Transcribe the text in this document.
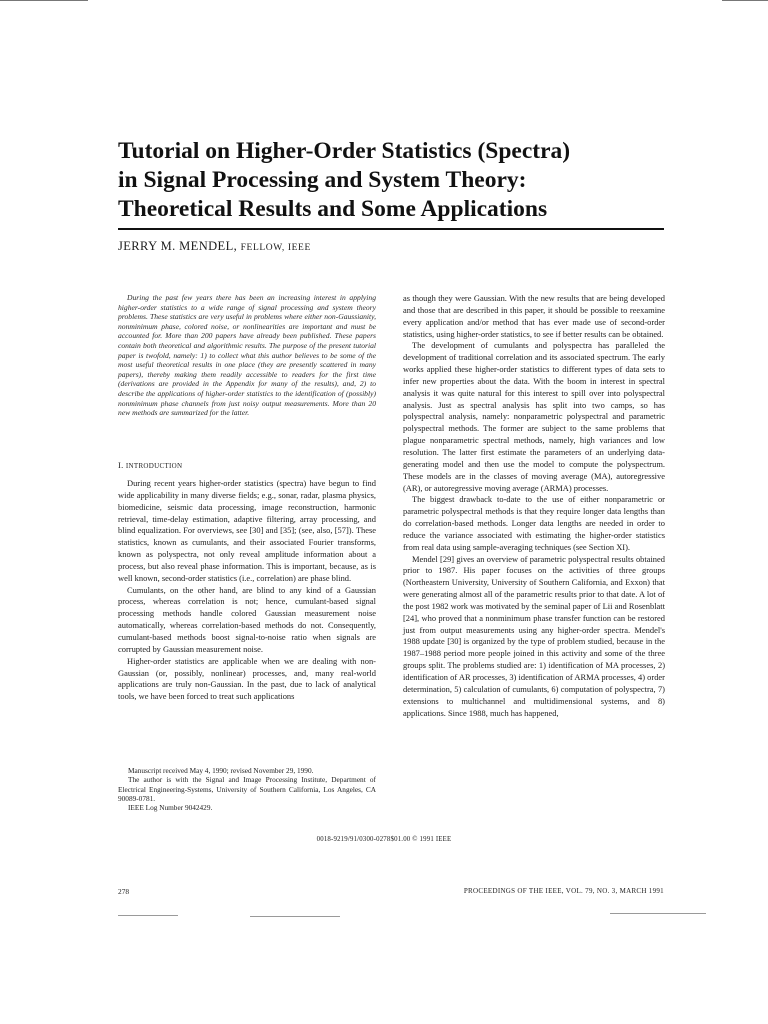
Tutorial on Higher-Order Statistics (Spectra)
in Signal Processing and System Theory:
Theoretical Results and Some Applications
JERRY M. MENDEL, FELLOW, IEEE

During the past few years there has been an increasing interest in applying higher-order statistics to a wide range of signal processing and system theory problems. These statistics are very useful in problems where either non-Gaussianity, nonminimum phase, colored noise, or nonlinearities are important and must be accounted for. More than 200 papers have already been published. These papers contain both theoretical and algorithmic results. The purpose of the present tutorial paper is twofold, namely: 1) to collect what this author believes to be some of the most useful theoretical results in one place (they are presently scattered in many papers), thereby making them readily accessible to readers for the first time (derivations are provided in the Appendix for many of the results), and, 2) to describe the applications of higher-order statistics to the identification of (possibly) nonminimum phase channels from just noisy output measurements. More than 20 new methods are summarized for the latter.

I. INTRODUCTION

During recent years higher-order statistics (spectra) have begun to find wide applicability in many diverse fields; e.g., sonar, radar, plasma physics, biomedicine, seismic data processing, image reconstruction, harmonic retrieval, time-delay estimation, adaptive filtering, array processing, and blind equalization. For overviews, see [30] and [35]; (see, also, [57]). These statistics, known as cumulants, and their associated Fourier transforms, known as polyspectra, not only reveal amplitude information about a process, but also reveal phase information. This is important, because, as is well known, second-order statistics (i.e., correlation) are phase blind.

Cumulants, on the other hand, are blind to any kind of a Gaussian process, whereas correlation is not; hence, cumulant-based signal processing methods handle colored Gaussian measurement noise automatically, whereas correlation-based methods do not. Consequently, cumulant-based methods boost signal-to-noise ratio when signals are corrupted by Gaussian measurement noise.

Higher-order statistics are applicable when we are dealing with non-Gaussian (or, possibly, nonlinear) processes, and, many real-world applications are truly non-Gaussian. In the past, due to lack of analytical tools, we have been forced to treat such applications

Manuscript received May 4, 1990; revised November 29, 1990.

The author is with the Signal and Image Processing Institute, Department of Electrical Engineering-Systems, University of Southern California, Los Angeles, CA 90089-0781.

IEEE Log Number 9042429.

as though they were Gaussian. With the new results that are being developed and those that are described in this paper, it should be possible to reexamine every application and/or method that has ever made use of second-order statistics, using higher-order statistics, to see if better results can be obtained.

The development of cumulants and polyspectra has paralleled the development of traditional correlation and its associated spectrum. The early works applied these higher-order statistics to different types of data sets to infer new properties about the data. With the boom in interest in spectral analysis it was quite natural for this interest to spill over into polyspectral analysis. Just as spectral analysis has split into two camps, so has polyspectral analysis, namely: nonparametric polyspectral and parametric polyspectral methods. The former are subject to the same problems that plague nonparametric spectral methods, namely, high variances and low resolution. The latter first estimate the parameters of an underlying data-generating model and then use the model to compute the polyspectrum. These models are in the classes of moving average (MA), autoregressive (AR), or autoregressive moving average (ARMA) processes.

The biggest drawback to-date to the use of either nonparametric or parametric polyspectral methods is that they require longer data lengths than do correlation-based methods. Longer data lengths are needed in order to reduce the variance associated with estimating the higher-order statistics from real data using sample-averaging techniques (see Section XI).

Mendel [29] gives an overview of parametric polyspectral results obtained prior to 1987. His paper focuses on the activities of three groups (Northeastern University, University of Southern California, and Exxon) that were generating almost all of the parametric results prior to that date. A lot of the post 1982 work was motivated by the seminal paper of Lii and Rosenblatt [24], who proved that a nonminimum phase transfer function can be restored just from output measurements using any higher-order spectra. Mendel's 1988 update [30] is organized by the type of problem studied, because in the 1987–1988 period more people joined in this activity and some of the three groups split. The problems studied are: 1) identification of MA processes, 2) identification of AR processes, 3) identification of ARMA processes, 4) order determination, 5) calculation of cumulants, 6) computation of polyspectra, 7) extensions to multichannel and multidimensional systems, and 8) applications. Since 1988, much has happened,

0018-9219/91/0300-0278$01.00 © 1991 IEEE
278	PROCEEDINGS OF THE IEEE, VOL. 79, NO. 3, MARCH 1991
